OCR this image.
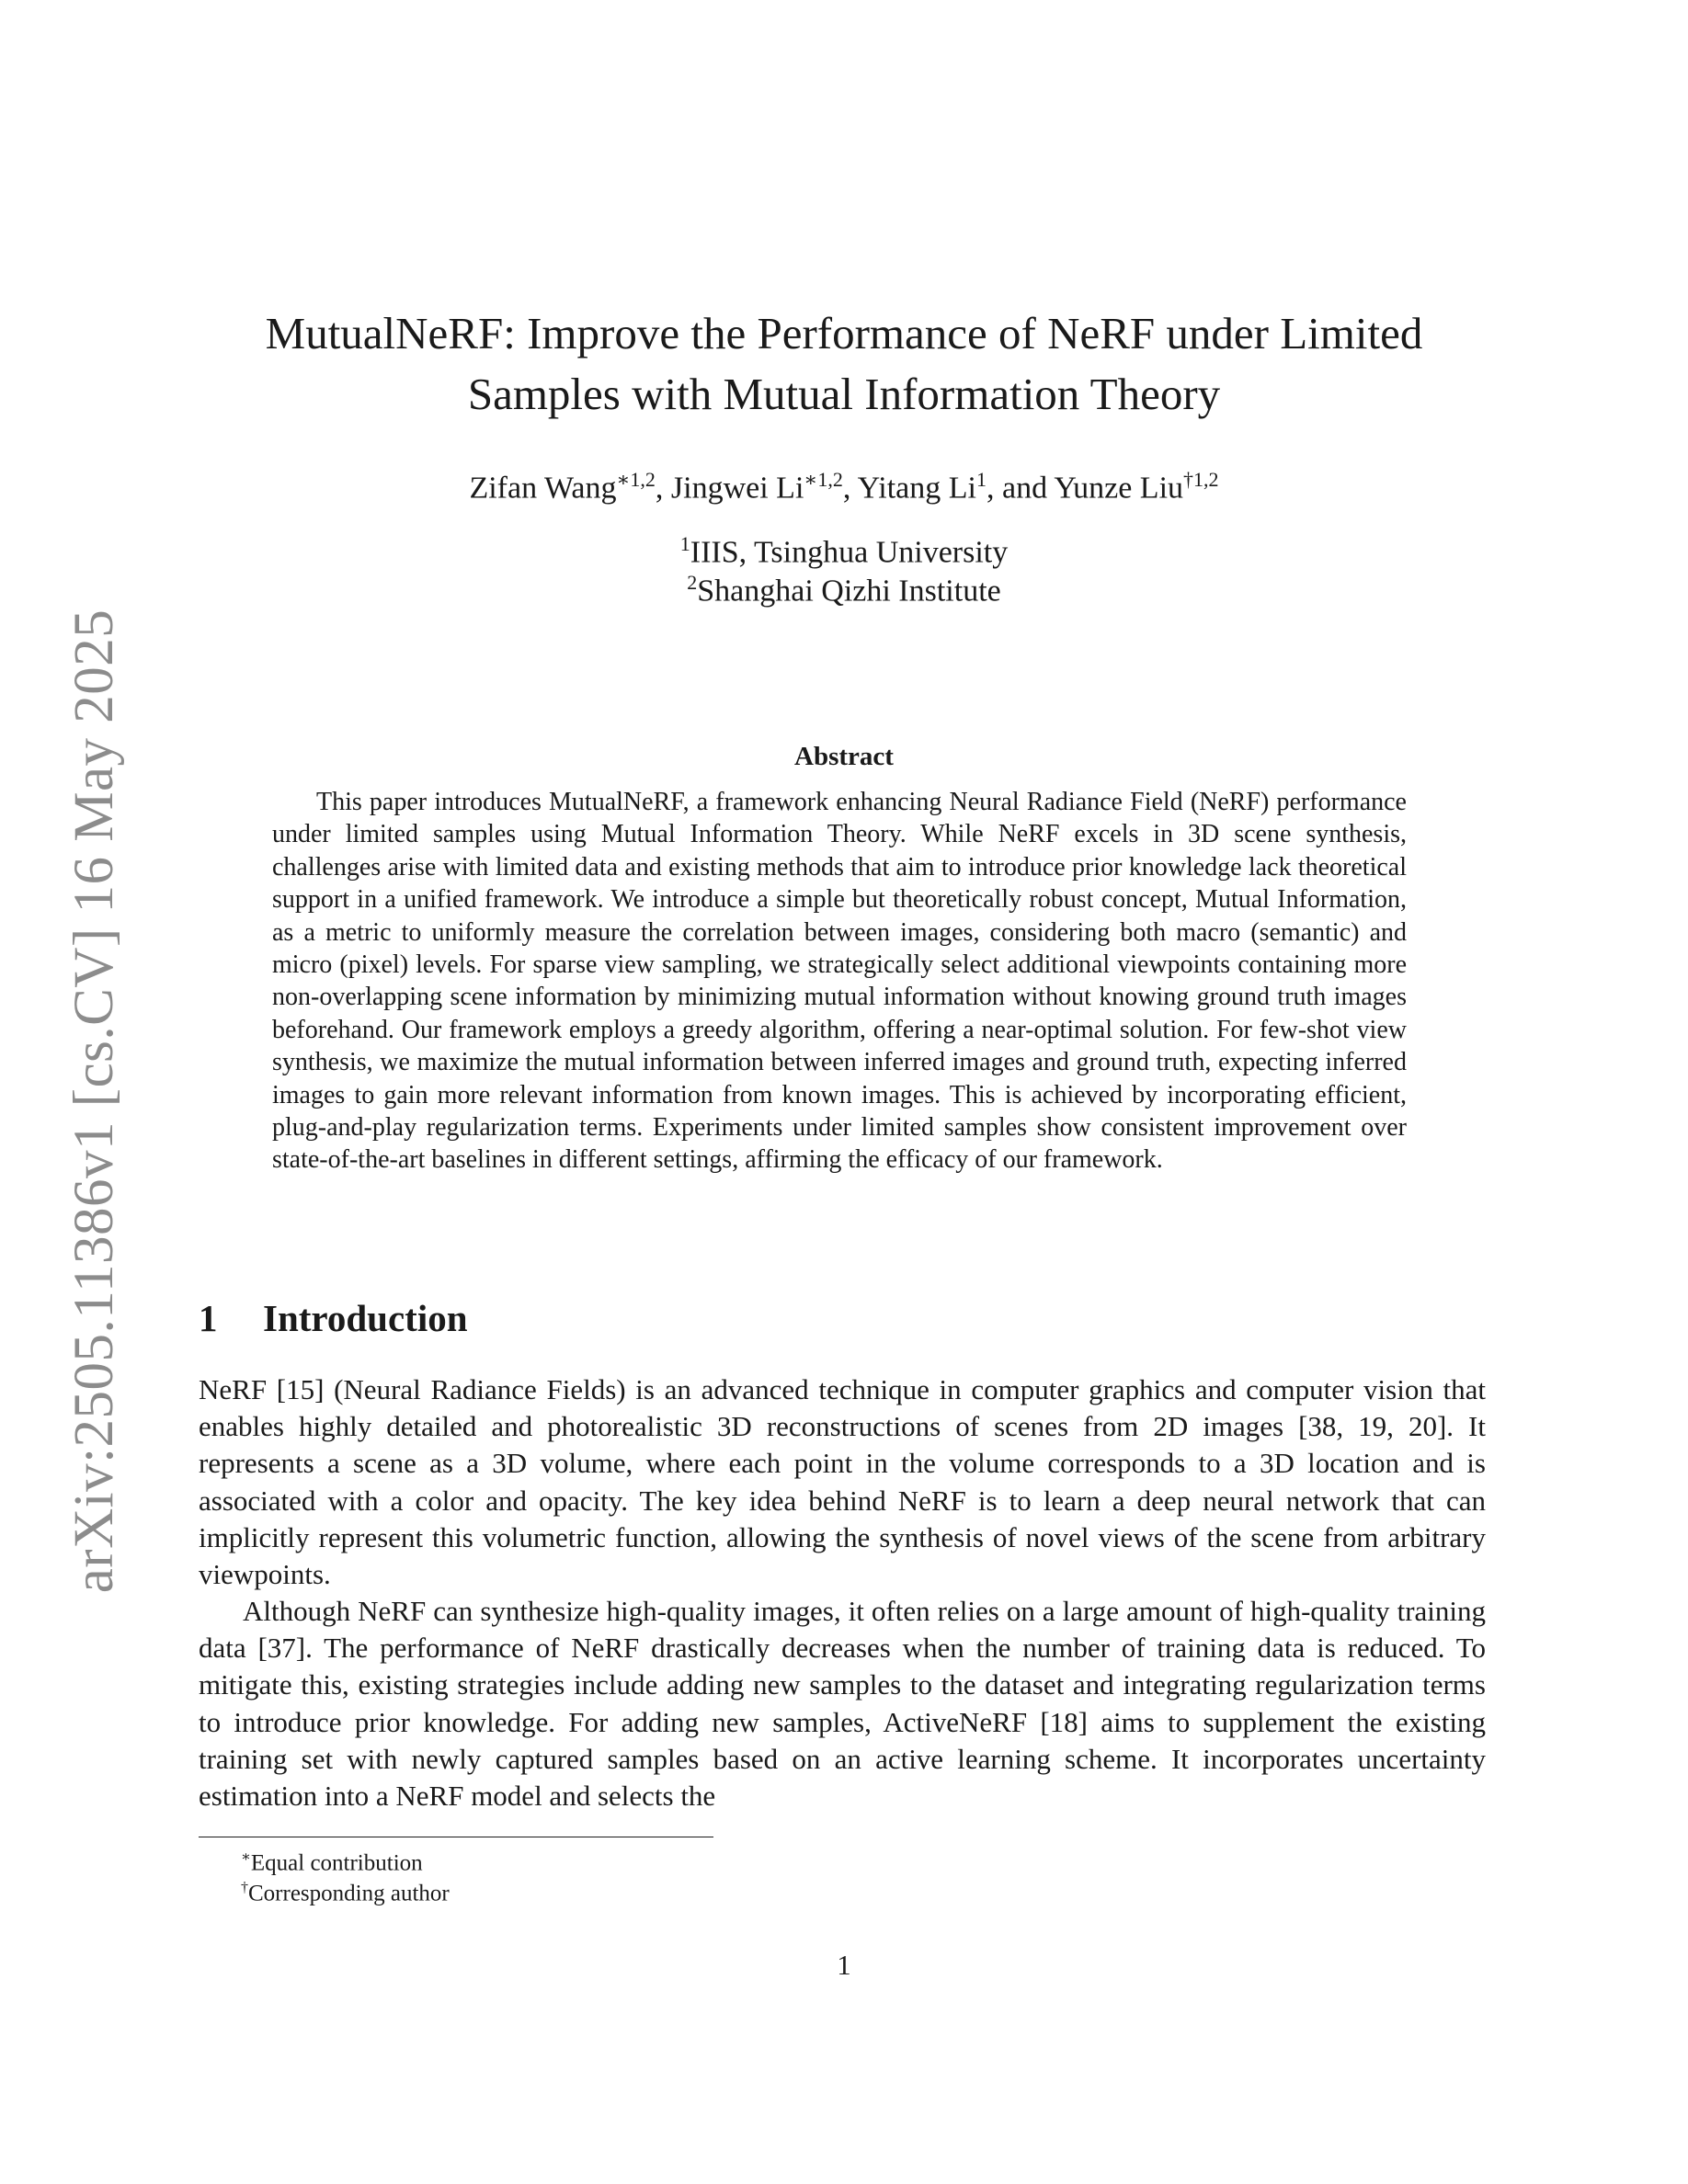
arXiv:2505.11386v1 [cs.CV] 16 May 2025
MutualNeRF: Improve the Performance of NeRF under Limited
Samples with Mutual Information Theory
Zifan Wang$^{∗1,2}$, Jingwei $Li^{∗1,2}$, Yitang Li$^1$, and Yunze Liu$^{\dagger 1,2}$
$^1$IIIS, Tsinghua University
$^2$Shanghai Qizhi Institute
Abstract

This paper introduces MutualNeRF, a framework enhancing Neural Radiance Field (NeRF) performance under limited samples using Mutual Information Theory. While NeRF excels in 3D scene synthesis, challenges arise with limited data and existing methods that aim to introduce prior knowledge lack theoretical support in a unified framework. We introduce a simple but theoretically robust concept, Mutual Information, as a metric to uniformly measure the correlation between images, considering both macro (semantic) and micro (pixel) levels. For sparse view sampling, we strategically select additional viewpoints containing more non-overlapping scene information by minimizing mutual information without knowing ground truth images beforehand. Our framework employs a greedy algorithm, offering a near-optimal solution. For few-shot view synthesis, we maximize the mutual information between inferred images and ground truth, expecting inferred images to gain more relevant information from known images. This is achieved by incorporating efficient, plug-and-play regularization terms. Experiments under limited samples show consistent improvement over state-of-the-art baselines in different settings, affirming the efficacy of our framework.

1 Introduction

NeRF [15] (Neural Radiance Fields) is an advanced technique in computer graphics and computer vision that enables highly detailed and photorealistic 3D reconstructions of scenes from 2D images [38, 19, 20]. It represents a scene as a 3D volume, where each point in the volume corresponds to a 3D location and is associated with a color and opacity. The key idea behind NeRF is to learn a deep neural network that can implicitly represent this volumetric function, allowing the synthesis of novel views of the scene from arbitrary viewpoints.

Although NeRF can synthesize high-quality images, it often relies on a large amount of high-quality training data [37]. The performance of NeRF drastically decreases when the number of training data is reduced. To mitigate this, existing strategies include adding new samples to the dataset and integrating regularization terms to introduce prior knowledge. For adding new samples, ActiveNeRF [18] aims to supplement the existing training set with newly captured samples based on an active learning scheme. It incorporates uncertainty estimation into a NeRF model and selects the

∗Equal contribution
†Corresponding author
1
